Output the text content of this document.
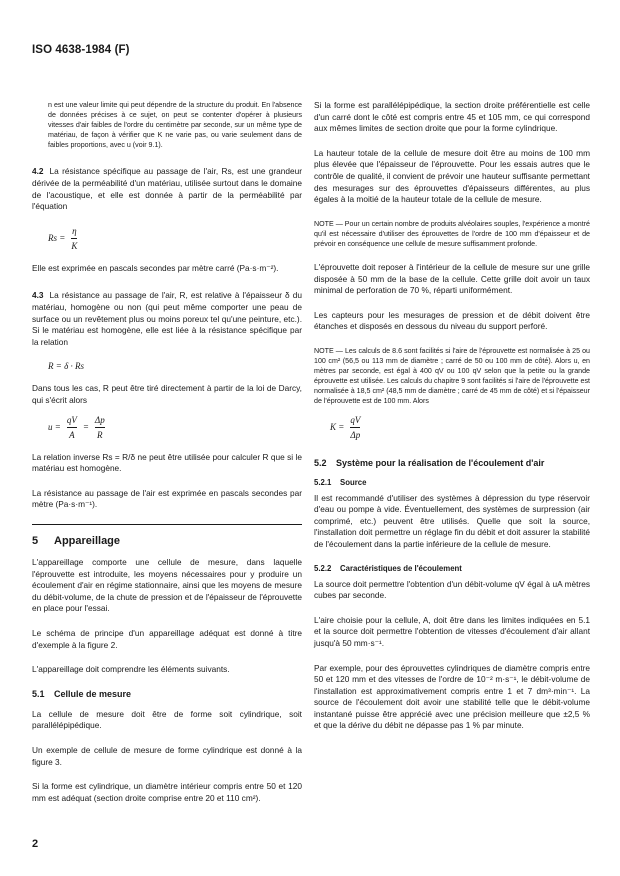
ISO 4638-1984 (F)

n est une valeur limite qui peut dépendre de la structure du produit. En l'absence de données précises à ce sujet, on peut se contenter d'opérer à plusieurs vitesses d'air faibles de l'ordre du centimètre par seconde, sur un même type de matériau, de façon à vérifier que K ne varie pas, ou varie seulement dans de faibles proportions, avec u (voir 9.1).

4.2 La résistance spécifique au passage de l'air, Rs, est une grandeur dérivée de la perméabilité d'un matériau, utilisée surtout dans le domaine de l'acoustique, et elle est donnée à partir de la perméabilité par l'équation

$Rs = \frac{\eta}{K}$

Elle est exprimée en pascals secondes par mètre carré (Pa·s·m⁻²).

4.3 La résistance au passage de l'air, R, est relative à l'épaisseur δ du matériau, homogène ou non (qui peut même comporter une peau de surface ou un revêtement plus ou moins poreux tel qu'une peinture, etc.). Si le matériau est homogène, elle est liée à la résistance spécifique par la relation

R = δ · Rs

Dans tous les cas, R peut être tiré directement à partir de la loi de Darcy, qui s'écrit alors

$u = \frac{qV}{A} = \frac{\Delta p}{R}$

La relation inverse Rs = R/δ ne peut être utilisée pour calculer R que si le matériau est homogène.

La résistance au passage de l'air est exprimée en pascals secondes par mètre (Pa·s·m⁻¹).

5 Appareillage

L'appareillage comporte une cellule de mesure, dans laquelle l'éprouvette est introduite, les moyens nécessaires pour y produire un écoulement d'air en régime stationnaire, ainsi que les moyens de mesure du débit-volume, de la chute de pression et de l'épaisseur de l'éprouvette en place pour l'essai.

Le schéma de principe d'un appareillage adéquat est donné à titre d'exemple à la figure 2.

L'appareillage doit comprendre les éléments suivants.

5.1 Cellule de mesure

La cellule de mesure doit être de forme soit cylindrique, soit parallélépipédique.

Un exemple de cellule de mesure de forme cylindrique est donné à la figure 3.

Si la forme est cylindrique, un diamètre intérieur compris entre 50 et 120 mm est adéquat (section droite comprise entre 20 et 110 cm²).

Si la forme est parallélépipédique, la section droite préférentielle est celle d'un carré dont le côté est compris entre 45 et 105 mm, ce qui correspond aux mêmes limites de section droite que pour la forme cylindrique.

La hauteur totale de la cellule de mesure doit être au moins de 100 mm plus élevée que l'épaisseur de l'éprouvette. Pour les essais autres que le contrôle de qualité, il convient de prévoir une hauteur suffisante permettant des mesurages sur des éprouvettes d'épaisseurs différentes, au plus égales à la moitié de la hauteur totale de la cellule de mesure.

NOTE — Pour un certain nombre de produits alvéolaires souples, l'expérience a montré qu'il est nécessaire d'utiliser des éprouvettes de l'ordre de 100 mm d'épaisseur et de prévoir en conséquence une cellule de mesure suffisamment profonde.

L'éprouvette doit reposer à l'intérieur de la cellule de mesure sur une grille disposée à 50 mm de la base de la cellule. Cette grille doit avoir un taux minimal de perforation de 70 %, réparti uniformément.

Les capteurs pour les mesurages de pression et de débit doivent être étanches et disposés en dessous du niveau du support perforé.

NOTE — Les calculs de 8.6 sont facilités si l'aire de l'éprouvette est normalisée à 25 ou 100 cm² (56,5 ou 113 mm de diamètre ; carré de 50 ou 100 mm de côté). Alors u, en mètres par seconde, est égal à 400 qV ou 100 qV selon que la petite ou la grande éprouvette est utilisée. Les calculs du chapitre 9 sont facilités si l'aire de l'éprouvette est normalisée à 18,5 cm² (48,5 mm de diamètre ; carré de 45 mm de côté) et si l'épaisseur de l'éprouvette est de 100 mm. Alors

$K = \frac{qV}{\Delta p}$
5.2	Système pour la réalisation de l'écoulement d'air
5.2.1 Source

Il est recommandé d'utiliser des systèmes à dépression du type réservoir d'eau ou pompe à vide. Éventuellement, des systèmes de surpression (air comprimé, etc.) peuvent être utilisés. Quelle que soit la source, l'installation doit permettre un réglage fin du débit et doit assurer la stabilité de l'écoulement dans la partie inférieure de la cellule de mesure.

5.2.2 Caractéristiques de l'écoulement

La source doit permettre l'obtention d'un débit-volume qV égal à uA mètres cubes par seconde.

L'aire choisie pour la cellule, A, doit être dans les limites indiquées en 5.1 et la source doit permettre l'obtention de vitesses d'écoulement d'air allant jusqu'à 50 mm·s⁻¹.

Par exemple, pour des éprouvettes cylindriques de diamètre compris entre 50 et 120 mm et des vitesses de l'ordre de 10⁻² m·s⁻¹, le débit-volume de l'installation est approximativement compris entre 1 et 7 dm³·min⁻¹. La source de l'écoulement doit avoir une stabilité telle que le débit-volume instantané puisse être apprécié avec une précision meilleure que ±2,5 % et que la dérive du débit ne dépasse pas 1 % par minute.

2
